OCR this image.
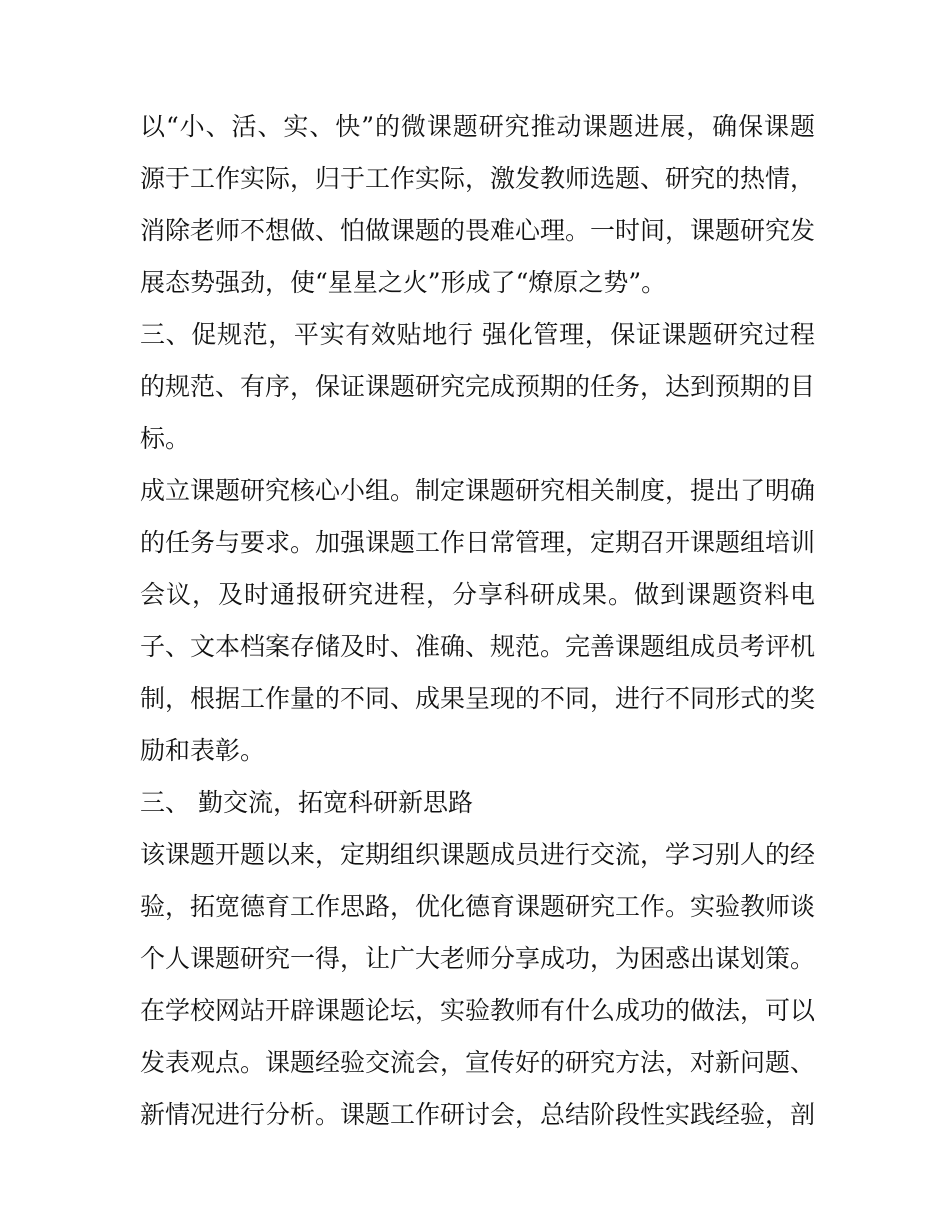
以“小、活、实、快”的微课题研究推动课题进展，确保课题源于工作实际，归于工作实际，激发教师选题、研究的热情，消除老师不想做、怕做课题的畏难心理。一时间，课题研究发展态势强劲，使“星星之火”形成了“燎原之势”。

三、促规范，平实有效贴地行 强化管理，保证课题研究过程的规范、有序，保证课题研究完成预期的任务，达到预期的目标。

成立课题研究核心小组。制定课题研究相关制度，提出了明确的任务与要求。加强课题工作日常管理，定期召开课题组培训会议，及时通报研究进程，分享科研成果。做到课题资料电子、文本档案存储及时、准确、规范。完善课题组成员考评机制，根据工作量的不同、成果呈现的不同，进行不同形式的奖励和表彰。

三、 勤交流，拓宽科研新思路

该课题开题以来，定期组织课题成员进行交流，学习别人的经验，拓宽德育工作思路，优化德育课题研究工作。实验教师谈个人课题研究一得，让广大老师分享成功，为困惑出谋划策。在学校网站开辟课题论坛，实验教师有什么成功的做法，可以发表观点。课题经验交流会，宣传好的研究方法，对新问题、新情况进行分析。课题工作研讨会，总结阶段性实践经验，剖
